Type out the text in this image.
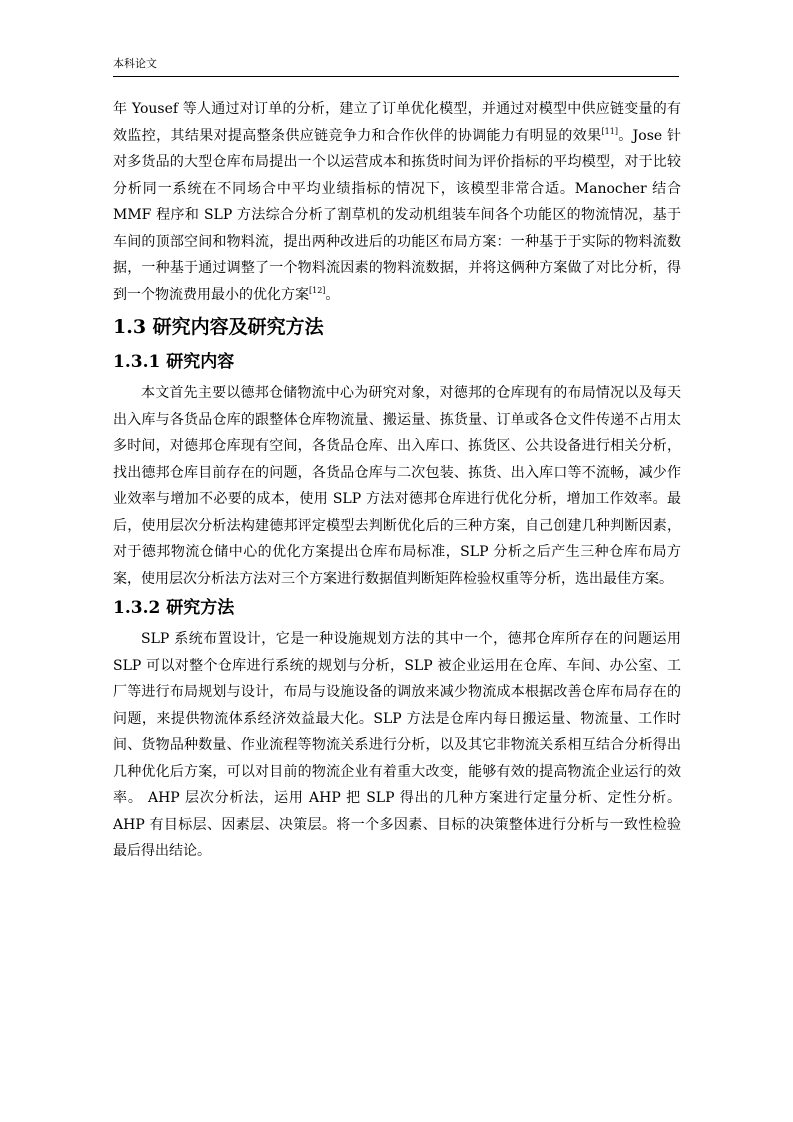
本科论文

年 Yousef 等人通过对订单的分析，建立了订单优化模型，并通过对模型中供应链变量的有效监控，其结果对提高整条供应链竞争力和合作伙伴的协调能力有明显的效果[11]。Jose 针对多货品的大型仓库布局提出一个以运营成本和拣货时间为评价指标的平均模型，对于比较分析同一系统在不同场合中平均业绩指标的情况下，该模型非常合适。Manocher 结合 MMF 程序和 SLP 方法综合分析了割草机的发动机组装车间各个功能区的物流情况，基于车间的顶部空间和物料流，提出两种改进后的功能区布局方案：一种基于于实际的物料流数据，一种基于通过调整了一个物料流因素的物料流数据，并将这俩种方案做了对比分析，得到一个物流费用最小的优化方案[12]。

1.3 研究内容及研究方法
1.3.1 研究内容

本文首先主要以德邦仓储物流中心为研究对象，对德邦的仓库现有的布局情况以及每天出入库与各货品仓库的跟整体仓库物流量、搬运量、拣货量、订单或各仓文件传递不占用太多时间，对德邦仓库现有空间，各货品仓库、出入库口、拣货区、公共设备进行相关分析，找出德邦仓库目前存在的问题，各货品仓库与二次包装、拣货、出入库口等不流畅，减少作业效率与增加不必要的成本，使用 SLP 方法对德邦仓库进行优化分析，增加工作效率。最后，使用层次分析法构建德邦评定模型去判断优化后的三种方案，自己创建几种判断因素，对于德邦物流仓储中心的优化方案提出仓库布局标准，SLP 分析之后产生三种仓库布局方案，使用层次分析法方法对三个方案进行数据值判断矩阵检验权重等分析，选出最佳方案。

1.3.2 研究方法

SLP 系统布置设计，它是一种设施规划方法的其中一个，德邦仓库所存在的问题运用 SLP 可以对整个仓库进行系统的规划与分析，SLP 被企业运用在仓库、车间、办公室、工厂等进行布局规划与设计，布局与设施设备的调放来减少物流成本根据改善仓库布局存在的问题，来提供物流体系经济效益最大化。SLP 方法是仓库内每日搬运量、物流量、工作时间、货物品种数量、作业流程等物流关系进行分析，以及其它非物流关系相互结合分析得出几种优化后方案，可以对目前的物流企业有着重大改变，能够有效的提高物流企业运行的效率。 AHP 层次分析法，运用 AHP 把 SLP 得出的几种方案进行定量分析、定性分析。AHP 有目标层、因素层、决策层。将一个多因素、目标的决策整体进行分析与一致性检验最后得出结论。
